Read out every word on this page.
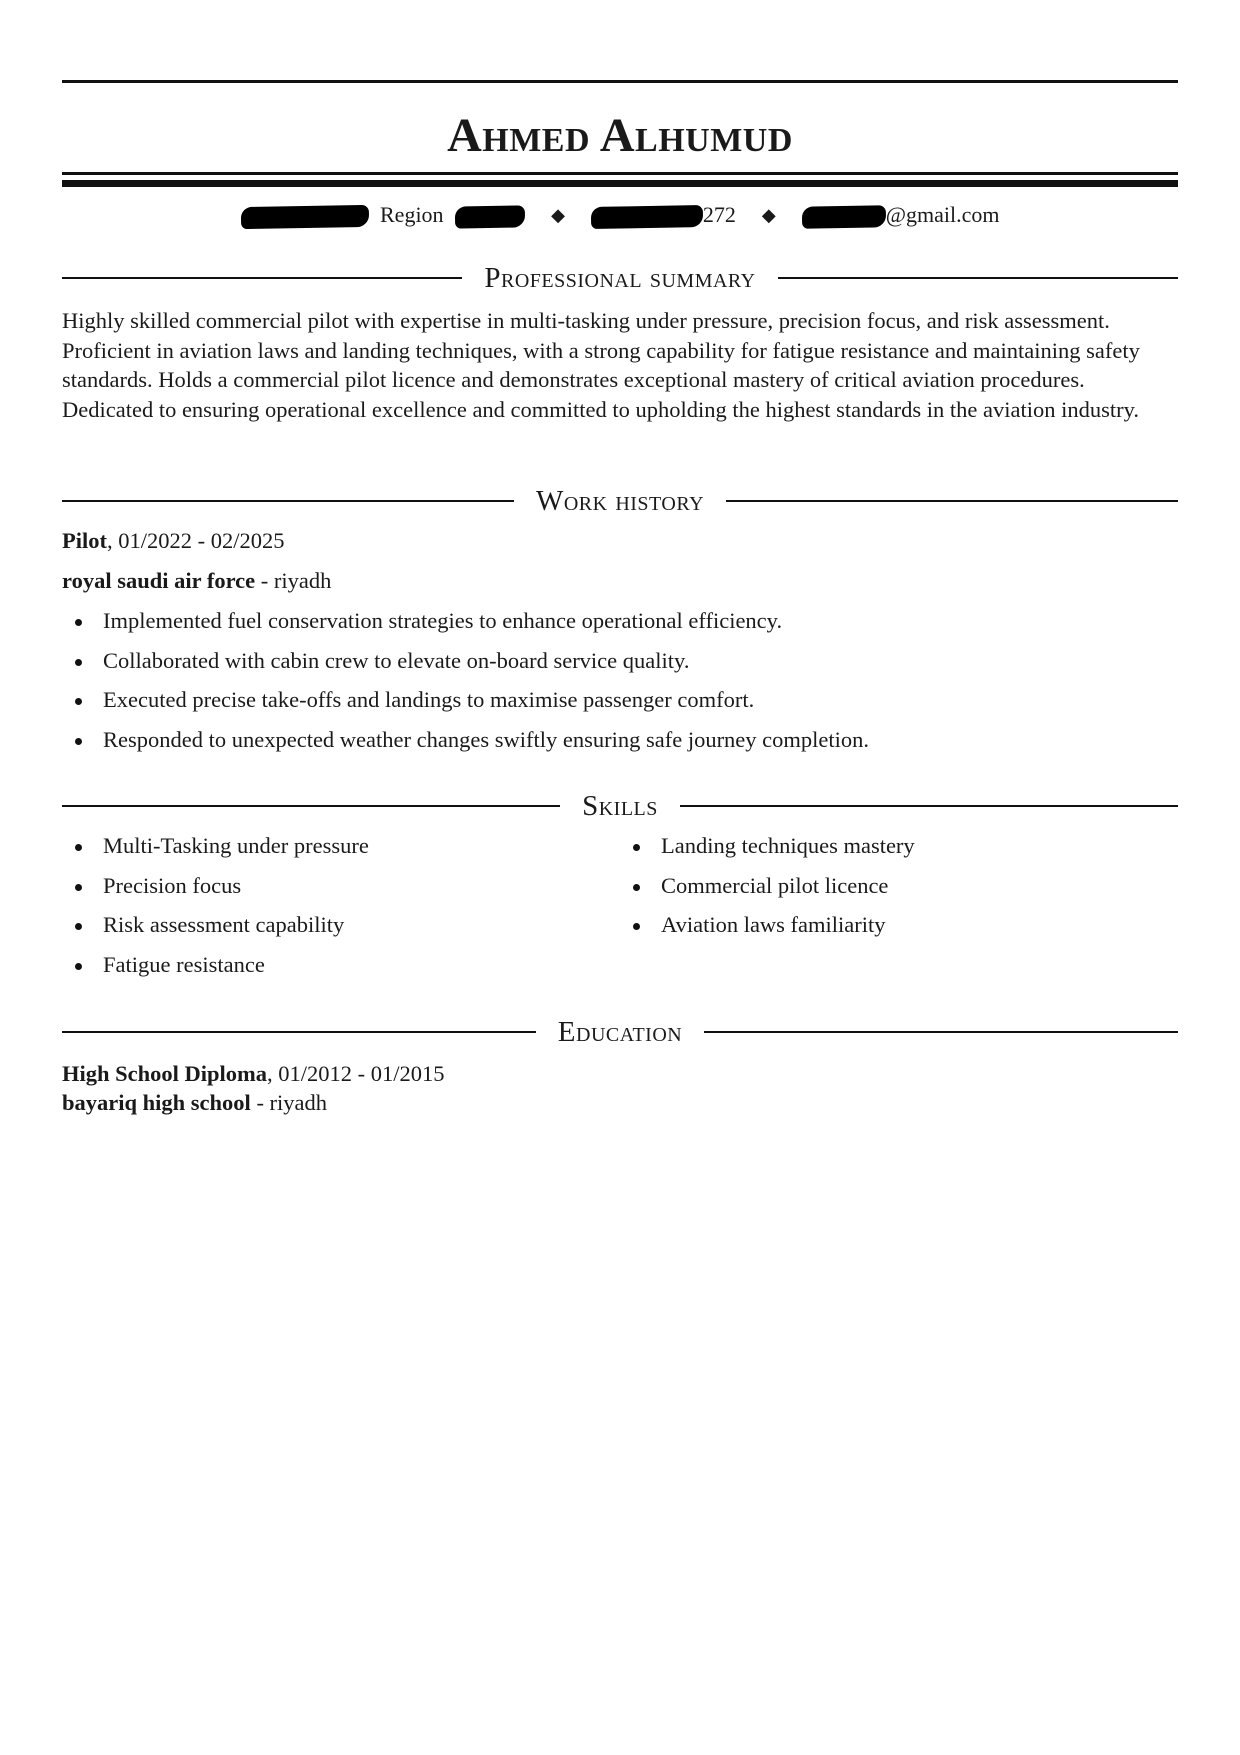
Ahmed Alhumud
Region	◆	272 ◆	@gmail.com
Professional summary
Highly skilled commercial pilot with expertise in multi-tasking under pressure, precision focus, and risk assessment. Proficient in aviation laws and landing techniques, with a strong capability for fatigue resistance and maintaining safety standards. Holds a commercial pilot licence and demonstrates exceptional mastery of critical aviation procedures. Dedicated to ensuring operational excellence and committed to upholding the highest standards in the aviation industry.
Work history
Pilot, 01/2022 - 02/2025
royal saudi air force - riyadh
Implemented fuel conservation strategies to enhance operational efficiency.
Collaborated with cabin crew to elevate on-board service quality.
Executed precise take-offs and landings to maximise passenger comfort.
Responded to unexpected weather changes swiftly ensuring safe journey completion.
Skills
Multi-Tasking under pressure
Precision focus
Risk assessment capability
Fatigue resistance
Landing techniques mastery
Commercial pilot licence
Aviation laws familiarity
Education
High School Diploma, 01/2012 - 01/2015
bayariq high school - riyadh
